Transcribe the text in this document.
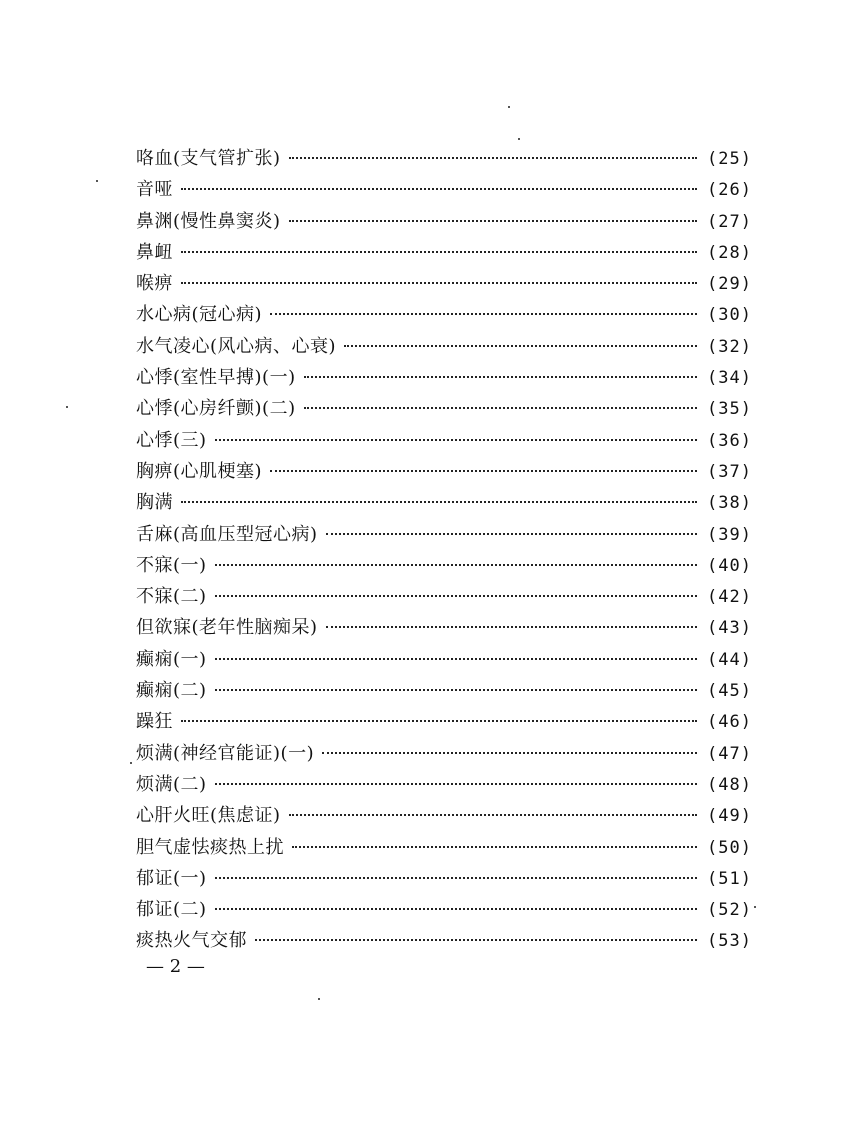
咯血(支气管扩张)	(25)
音哑	(26)
鼻渊(慢性鼻窦炎)	(27)
鼻衄	(28)
喉痹	(29)
水心病(冠心病)	(30)
水气凌心(风心病、心衰)	(32)
心悸(室性早搏)(一)	(34)
心悸(心房纤颤)(二)	(35)
心悸(三)	(36)
胸痹(心肌梗塞)	(37)
胸满	(38)
舌麻(高血压型冠心病)	(39)
不寐(一)	(40)
不寐(二)	(42)
但欲寐(老年性脑痴呆)	(43)
癫痫(一)	(44)
癫痫(二)	(45)
躁狂	(46)
烦满(神经官能证)(一)	(47)
烦满(二)	(48)
心肝火旺(焦虑证)	(49)
胆气虚怯痰热上扰	(50)
郁证(一)	(51)
郁证(二)	(52)
痰热火气交郁	(53)
— 2 —
